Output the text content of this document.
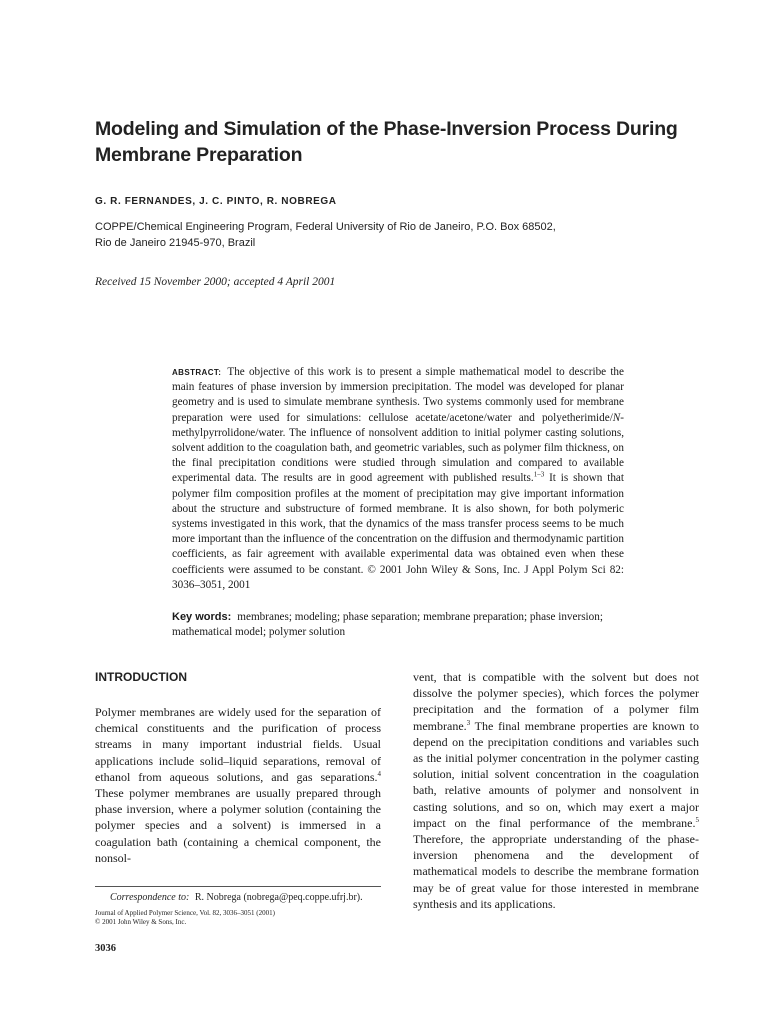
Modeling and Simulation of the Phase-Inversion Process During Membrane Preparation
G. R. FERNANDES, J. C. PINTO, R. NOBREGA
COPPE/Chemical Engineering Program, Federal University of Rio de Janeiro, P.O. Box 68502,
Rio de Janeiro 21945-970, Brazil
Received 15 November 2000; accepted 4 April 2001
ABSTRACT: The objective of this work is to present a simple mathematical model to describe the main features of phase inversion by immersion precipitation. The model was developed for planar geometry and is used to simulate membrane synthesis. Two systems commonly used for membrane preparation were used for simulations: cellulose acetate/acetone/water and polyetherimide/N-methylpyrrolidone/water. The influence of nonsolvent addition to initial polymer casting solutions, solvent addition to the coagulation bath, and geometric variables, such as polymer film thickness, on the final precipitation conditions were studied through simulation and compared to available experimental data. The results are in good agreement with published results.$^{1-3}$ It is shown that polymer film composition profiles at the moment of precipitation may give important information about the structure and substructure of formed membrane. It is also shown, for both polymeric systems investigated in this work, that the dynamics of the mass transfer process seems to be much more important than the influence of the concentration on the diffusion and thermodynamic partition coefficients, as fair agreement with available experimental data was obtained even when these coefficients were assumed to be constant. © 2001 John Wiley & Sons, Inc. J Appl Polym Sci 82: 3036–3051, 2001
Key words: membranes; modeling; phase separation; membrane preparation; phase inversion; mathematical model; polymer solution
INTRODUCTION
Polymer membranes are widely used for the separation of chemical constituents and the purification of process streams in many important industrial fields. Usual applications include solid–liquid separations, removal of ethanol from aqueous solutions, and gas separations.$^4$ These polymer membranes are usually prepared through phase inversion, where a polymer solution (containing the polymer species and a solvent) is immersed in a coagulation bath (containing a chemical component, the nonsol-
vent, that is compatible with the solvent but does not dissolve the polymer species), which forces the polymer precipitation and the formation of a polymer film membrane.$^3$ The final membrane properties are known to depend on the precipitation conditions and variables such as the initial polymer concentration in the polymer casting solution, initial solvent concentration in the coagulation bath, relative amounts of polymer and nonsolvent in casting solutions, and so on, which may exert a major impact on the final performance of the membrane.$^5$ Therefore, the appropriate understanding of the phase-inversion phenomena and the development of mathematical models to describe the membrane formation may be of great value for those interested in membrane synthesis and its applications.
Correspondence to: R. Nobrega (nobrega@peq.coppe.ufrj.br).
Journal of Applied Polymer Science, Vol. 82, 3036–3051 (2001)
© 2001 John Wiley & Sons, Inc.
3036
